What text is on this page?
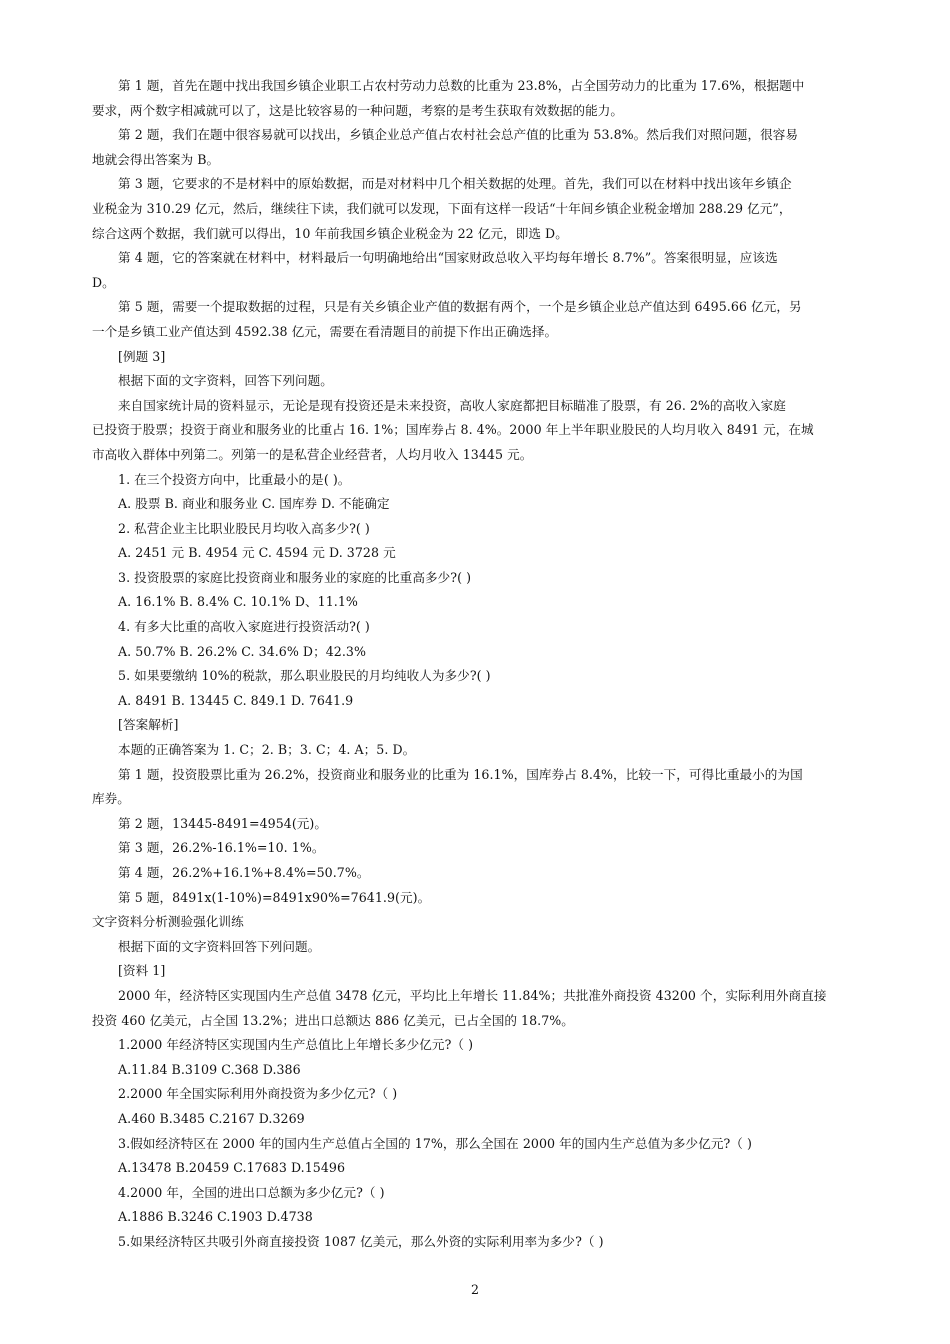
第 1 题，首先在题中找出我国乡镇企业职工占农村劳动力总数的比重为 23.8%，占全国劳动力的比重为 17.6%，根据题中
要求，两个数字相减就可以了，这是比较容易的一种问题，考察的是考生获取有效数据的能力。
第 2 题，我们在题中很容易就可以找出，乡镇企业总产值占农村社会总产值的比重为 53.8%。然后我们对照问题，很容易
地就会得出答案为 B。
第 3 题，它要求的不是材料中的原始数据，而是对材料中几个相关数据的处理。首先，我们可以在材料中找出该年乡镇企
业税金为 310.29 亿元，然后，继续往下读，我们就可以发现，下面有这样一段话“十年间乡镇企业税金增加 288.29 亿元”，
综合这两个数据，我们就可以得出，10 年前我国乡镇企业税金为 22 亿元，即选 D。
第 4 题，它的答案就在材料中，材料最后一句明确地给出“国家财政总收入平均每年增长 8.7%”。答案很明显，应该选
D。
第 5 题，需要一个提取数据的过程，只是有关乡镇企业产值的数据有两个，一个是乡镇企业总产值达到 6495.66 亿元，另
一个是乡镇工业产值达到 4592.38 亿元，需要在看清题目的前提下作出正确选择。
[例题 3]
根据下面的文字资料，回答下列问题。
来自国家统计局的资料显示，无论是现有投资还是未来投资，高收人家庭都把目标瞄准了股票，有 26. 2%的高收入家庭
已投资于股票；投资于商业和服务业的比重占 16. 1%；国库券占 8. 4%。2000 年上半年职业股民的人均月收入 8491 元，在城
市高收入群体中列第二。列第一的是私营企业经营者，人均月收入 13445 元。
1. 在三个投资方向中，比重最小的是( )。
A. 股票 B. 商业和服务业 C. 国库券 D. 不能确定
2. 私营企业主比职业股民月均收入高多少?( )
A. 2451 元 B. 4954 元 C. 4594 元 D. 3728 元
3. 投资股票的家庭比投资商业和服务业的家庭的比重高多少?( )
A. 16.1% B. 8.4% C. 10.1% D、11.1%
4. 有多大比重的高收入家庭进行投资活动?( )
A. 50.7% B. 26.2% C. 34.6% D；42.3%
5. 如果要缴纳 10%的税款，那么职业股民的月均纯收人为多少?( )
A. 8491 B. 13445 C. 849.1 D. 7641.9
[答案解析]
本题的正确答案为 1. C；2. B；3. C；4. A；5. D。
第 1 题，投资股票比重为 26.2%，投资商业和服务业的比重为 16.1%，国库券占 8.4%，比较一下，可得比重最小的为国
库券。
第 2 题，13445-8491=4954(元)。
第 3 题，26.2%-16.1%=10. 1%。
第 4 题，26.2%+16.1%+8.4%=50.7%。
第 5 题，8491x(1-10%)=8491x90%=7641.9(元)。
文字资料分析测验强化训练
根据下面的文字资料回答下列问题。
[资料 1]
2000 年，经济特区实现国内生产总值 3478 亿元，平均比上年增长 11.84%；共批准外商投资 43200 个，实际利用外商直接
投资 460 亿美元，占全国 13.2%；进出口总额达 886 亿美元，已占全国的 18.7%。
1.2000 年经济特区实现国内生产总值比上年增长多少亿元?（ )
A.11.84 B.3109 C.368 D.386
2.2000 年全国实际利用外商投资为多少亿元?（ )
A.460 B.3485 C.2167 D.3269
3.假如经济特区在 2000 年的国内生产总值占全国的 17%，那么全国在 2000 年的国内生产总值为多少亿元?（ )
A.13478 B.20459 C.17683 D.15496
4.2000 年，全国的进出口总额为多少亿元?（ )
A.1886 B.3246 C.1903 D.4738
5.如果经济特区共吸引外商直接投资 1087 亿美元，那么外资的实际利用率为多少?（ )
2
